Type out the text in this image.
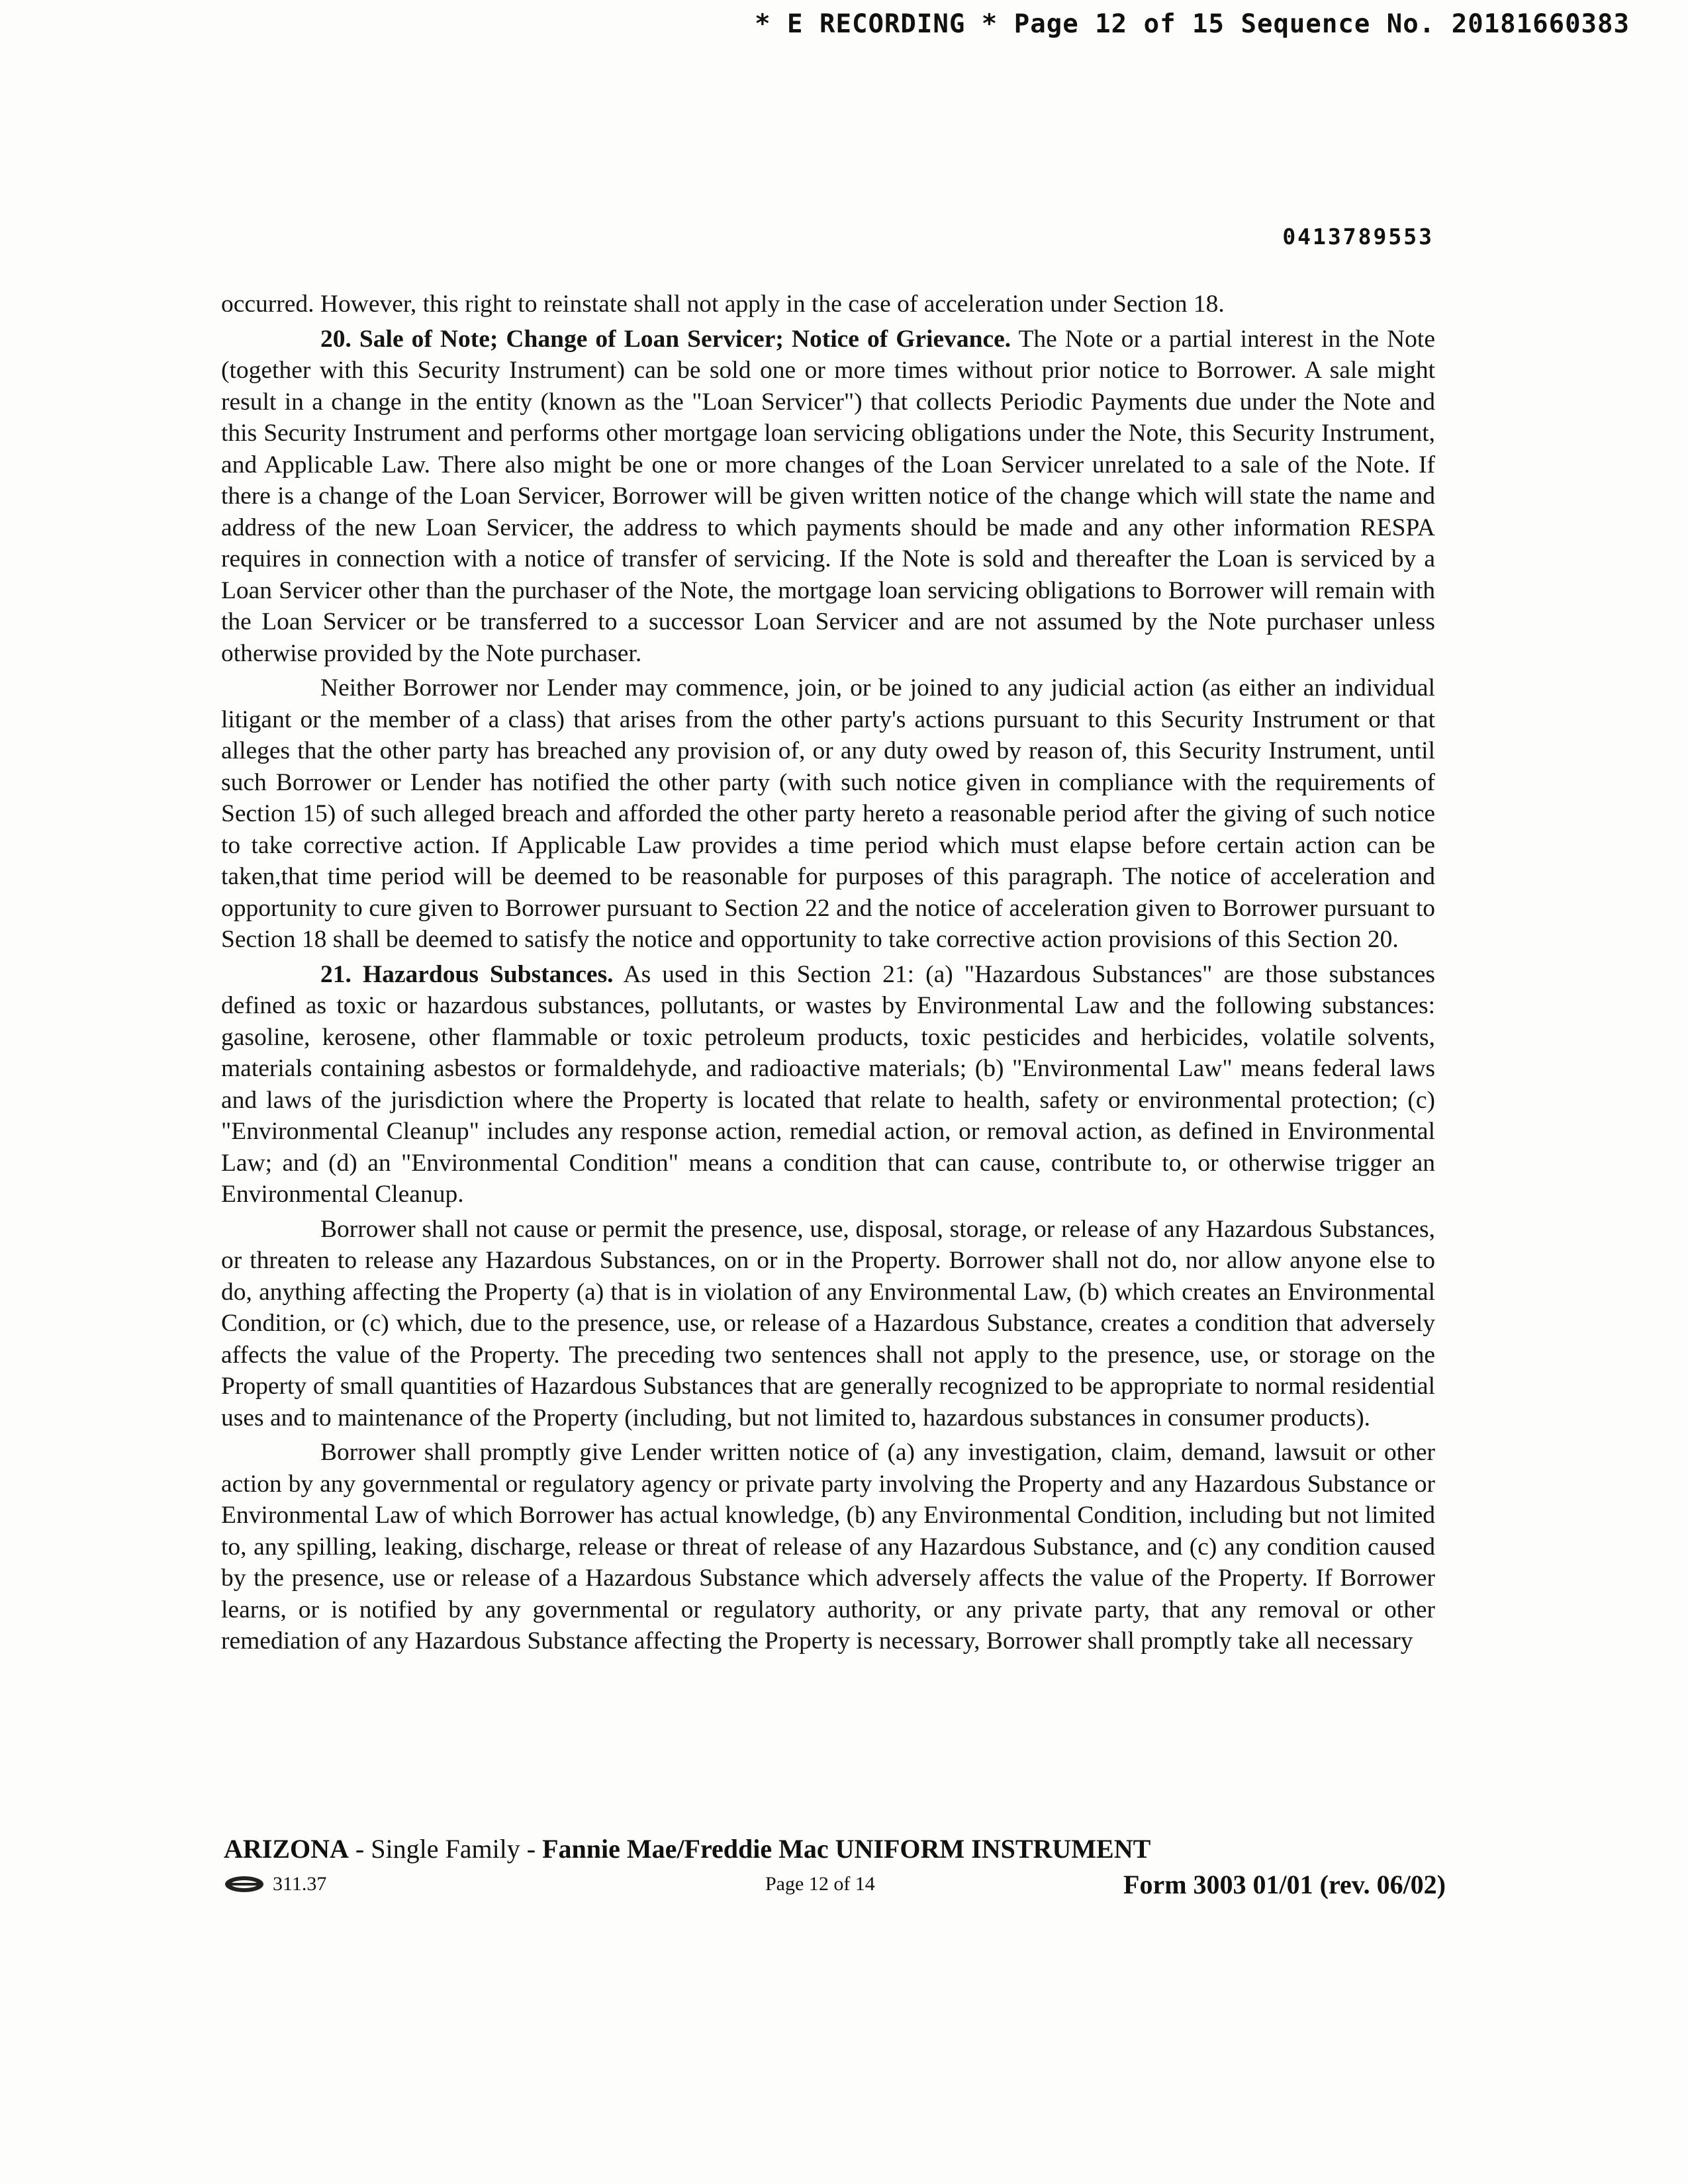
* E RECORDING * Page 12 of 15 Sequence No. 20181660383
0413789553

occurred. However, this right to reinstate shall not apply in the case of acceleration under Section 18.

20. Sale of Note; Change of Loan Servicer; Notice of Grievance. The Note or a partial interest in the Note (together with this Security Instrument) can be sold one or more times without prior notice to Borrower. A sale might result in a change in the entity (known as the "Loan Servicer") that collects Periodic Payments due under the Note and this Security Instrument and performs other mortgage loan servicing obligations under the Note, this Security Instrument, and Applicable Law. There also might be one or more changes of the Loan Servicer unrelated to a sale of the Note. If there is a change of the Loan Servicer, Borrower will be given written notice of the change which will state the name and address of the new Loan Servicer, the address to which payments should be made and any other information RESPA requires in connection with a notice of transfer of servicing. If the Note is sold and thereafter the Loan is serviced by a Loan Servicer other than the purchaser of the Note, the mortgage loan servicing obligations to Borrower will remain with the Loan Servicer or be transferred to a successor Loan Servicer and are not assumed by the Note purchaser unless otherwise provided by the Note purchaser.

Neither Borrower nor Lender may commence, join, or be joined to any judicial action (as either an individual litigant or the member of a class) that arises from the other party's actions pursuant to this Security Instrument or that alleges that the other party has breached any provision of, or any duty owed by reason of, this Security Instrument, until such Borrower or Lender has notified the other party (with such notice given in compliance with the requirements of Section 15) of such alleged breach and afforded the other party hereto a reasonable period after the giving of such notice to take corrective action. If Applicable Law provides a time period which must elapse before certain action can be taken,that time period will be deemed to be reasonable for purposes of this paragraph. The notice of acceleration and opportunity to cure given to Borrower pursuant to Section 22 and the notice of acceleration given to Borrower pursuant to Section 18 shall be deemed to satisfy the notice and opportunity to take corrective action provisions of this Section 20.

21. Hazardous Substances. As used in this Section 21: (a) "Hazardous Substances" are those substances defined as toxic or hazardous substances, pollutants, or wastes by Environmental Law and the following substances: gasoline, kerosene, other flammable or toxic petroleum products, toxic pesticides and herbicides, volatile solvents, materials containing asbestos or formaldehyde, and radioactive materials; (b) "Environmental Law" means federal laws and laws of the jurisdiction where the Property is located that relate to health, safety or environmental protection; (c) "Environmental Cleanup" includes any response action, remedial action, or removal action, as defined in Environmental Law; and (d) an "Environmental Condition" means a condition that can cause, contribute to, or otherwise trigger an Environmental Cleanup.

Borrower shall not cause or permit the presence, use, disposal, storage, or release of any Hazardous Substances, or threaten to release any Hazardous Substances, on or in the Property. Borrower shall not do, nor allow anyone else to do, anything affecting the Property (a) that is in violation of any Environmental Law, (b) which creates an Environmental Condition, or (c) which, due to the presence, use, or release of a Hazardous Substance, creates a condition that adversely affects the value of the Property. The preceding two sentences shall not apply to the presence, use, or storage on the Property of small quantities of Hazardous Substances that are generally recognized to be appropriate to normal residential uses and to maintenance of the Property (including, but not limited to, hazardous substances in consumer products).

Borrower shall promptly give Lender written notice of (a) any investigation, claim, demand, lawsuit or other action by any governmental or regulatory agency or private party involving the Property and any Hazardous Substance or Environmental Law of which Borrower has actual knowledge, (b) any Environmental Condition, including but not limited to, any spilling, leaking, discharge, release or threat of release of any Hazardous Substance, and (c) any condition caused by the presence, use or release of a Hazardous Substance which adversely affects the value of the Property. If Borrower learns, or is notified by any governmental or regulatory authority, or any private party, that any removal or other remediation of any Hazardous Substance affecting the Property is necessary, Borrower shall promptly take all necessary

ARIZONA - Single Family - Fannie Mae/Freddie Mac UNIFORM INSTRUMENT
311.37	Page 12 of 14	Form 3003 01/01 (rev. 06/02)
